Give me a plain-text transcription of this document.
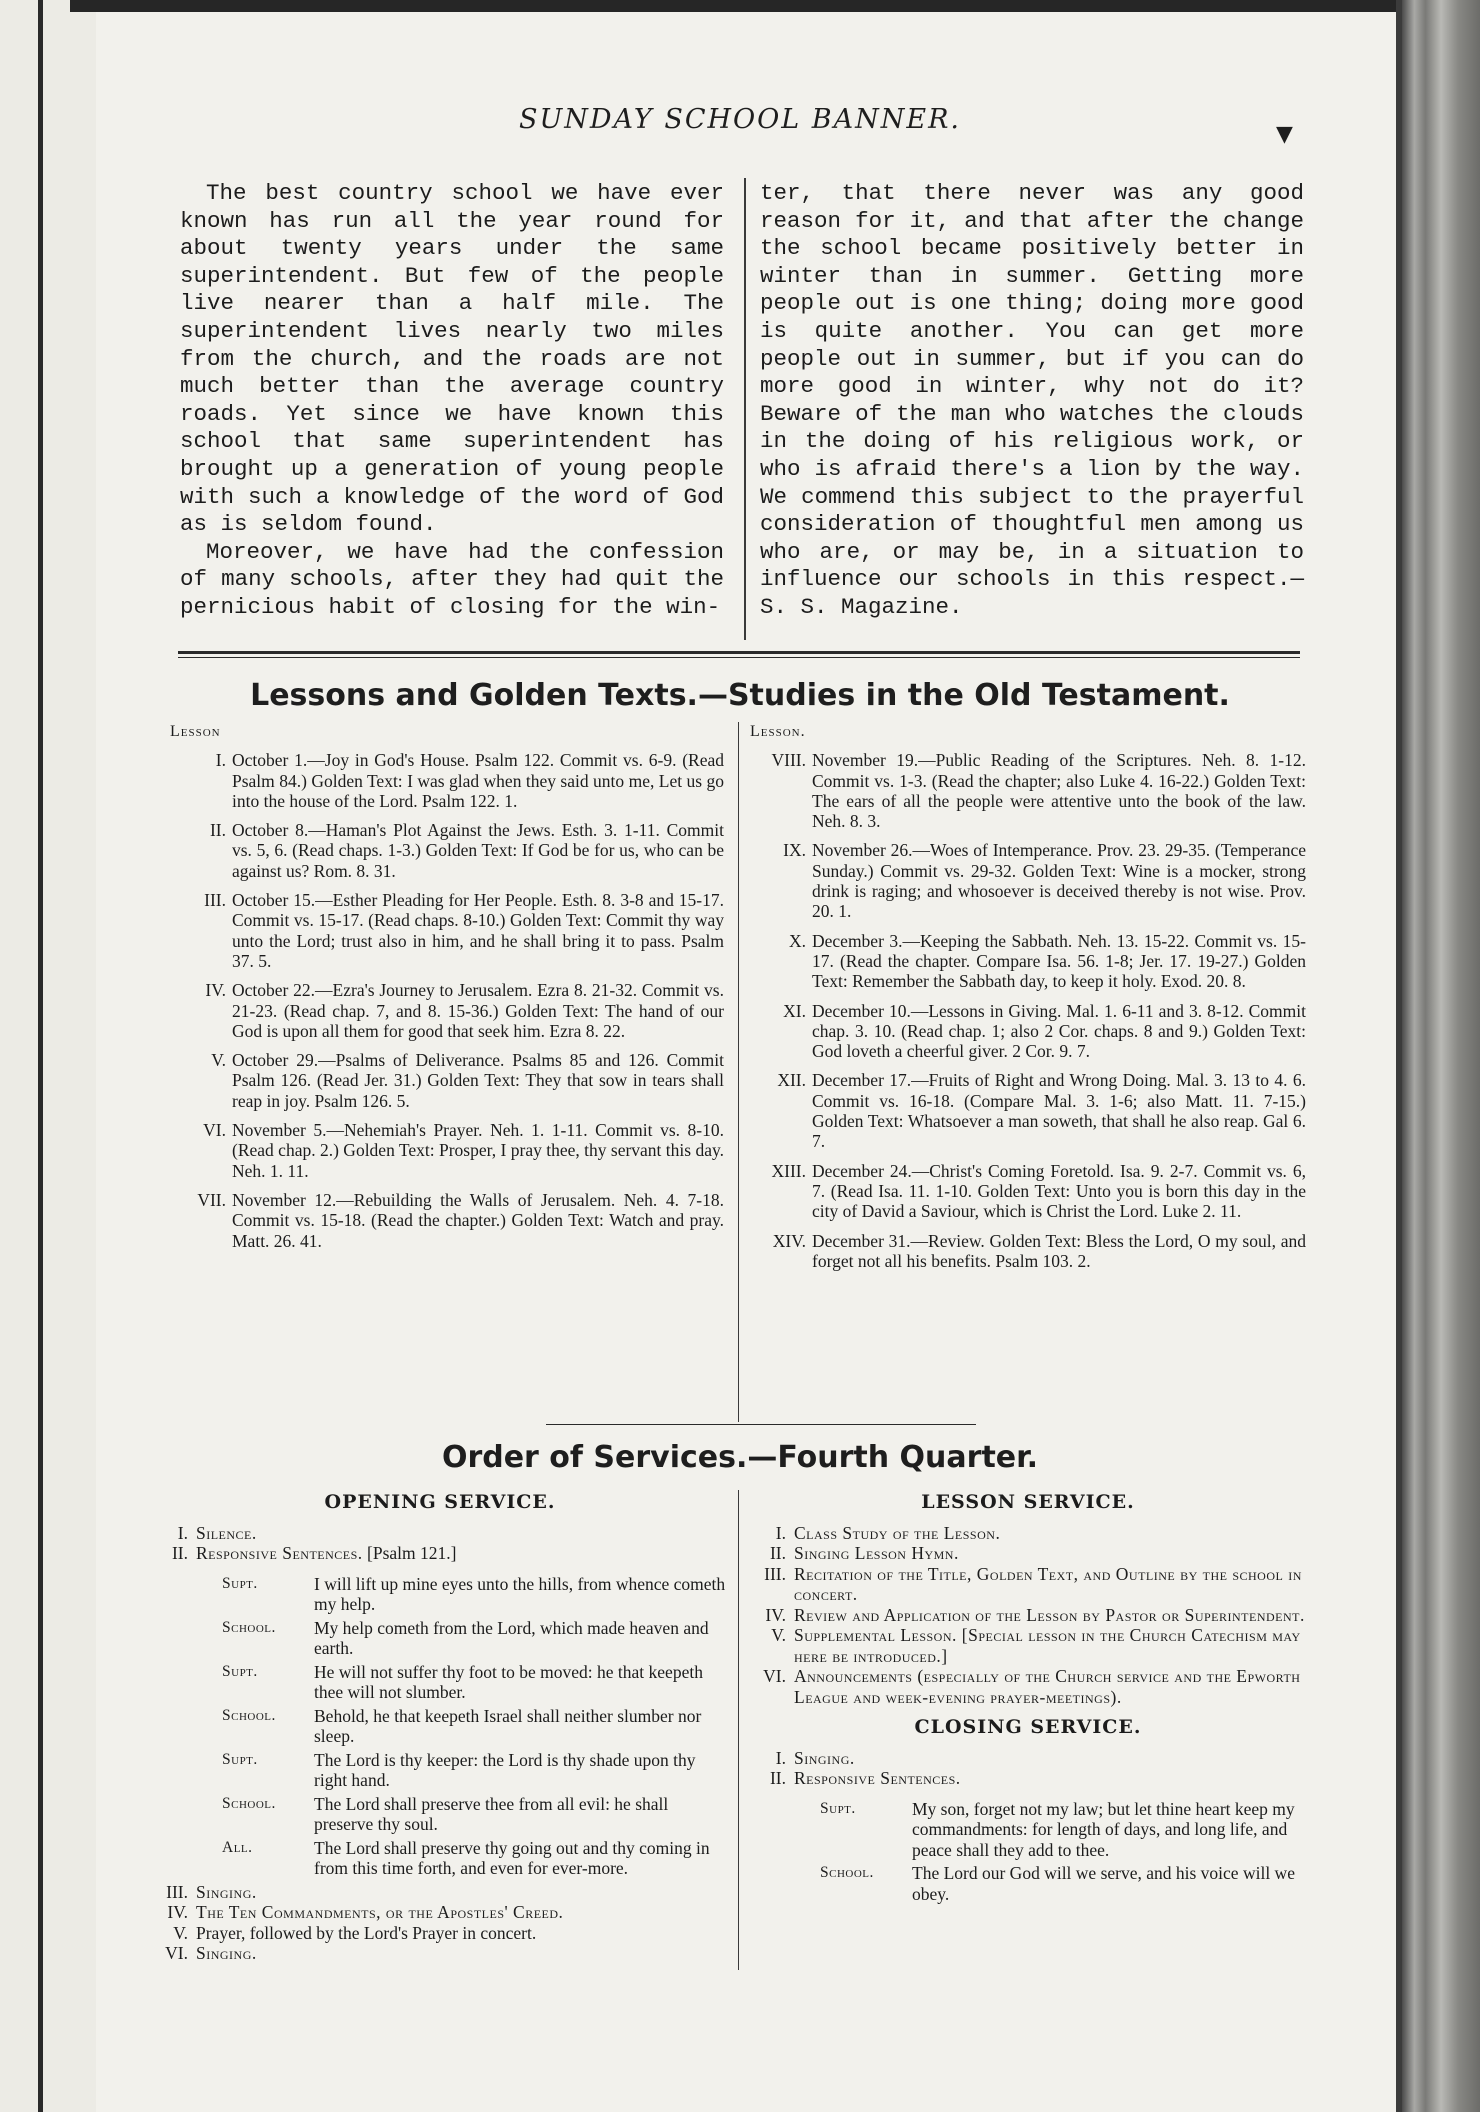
SUNDAY SCHOOL BANNER.	▼

The best country school we have ever known has run all the year round for about twenty years under the same superintendent. But few of the people live nearer than a half mile. The superintendent lives nearly two miles from the church, and the roads are not much better than the average country roads. Yet since we have known this school that same superintendent has brought up a generation of young people with such a knowledge of the word of God as is seldom found.

Moreover, we have had the confession of many schools, after they had quit the pernicious habit of closing for the win-

ter, that there never was any good reason for it, and that after the change the school became positively better in winter than in summer. Getting more people out is one thing; doing more good is quite another. You can get more people out in summer, but if you can do more good in winter, why not do it? Beware of the man who watches the clouds in the doing of his religious work, or who is afraid there's a lion by the way. We commend this subject to the prayerful consideration of thoughtful men among us who are, or may be, in a situation to influence our schools in this respect.—S. S. Magazine.

Lessons and Golden Texts.—Studies in the Old Testament.
Lesson
I. October 1.—Joy in God's House. Psalm 122. Commit vs. 6-9. (Read Psalm 84.) Golden Text: I was glad when they said unto me, Let us go into the house of the Lord. Psalm 122. 1.
II. October 8.—Haman's Plot Against the Jews. Esth. 3. 1-11. Commit vs. 5, 6. (Read chaps. 1-3.) Golden Text: If God be for us, who can be against us? Rom. 8. 31.
III. October 15.—Esther Pleading for Her People. Esth. 8. 3-8 and 15-17. Commit vs. 15-17. (Read chaps. 8-10.) Golden Text: Commit thy way unto the Lord; trust also in him, and he shall bring it to pass. Psalm 37. 5.
IV. October 22.—Ezra's Journey to Jerusalem. Ezra 8. 21-32. Commit vs. 21-23. (Read chap. 7, and 8. 15-36.) Golden Text: The hand of our God is upon all them for good that seek him. Ezra 8. 22.
V. October 29.—Psalms of Deliverance. Psalms 85 and 126. Commit Psalm 126. (Read Jer. 31.) Golden Text: They that sow in tears shall reap in joy. Psalm 126. 5.
VI. November 5.—Nehemiah's Prayer. Neh. 1. 1-11. Commit vs. 8-10. (Read chap. 2.) Golden Text: Prosper, I pray thee, thy servant this day. Neh. 1. 11.
VII. November 12.—Rebuilding the Walls of Jerusalem. Neh. 4. 7-18. Commit vs. 15-18. (Read the chapter.) Golden Text: Watch and pray. Matt. 26. 41.
Lesson.
VIII. November 19.—Public Reading of the Scriptures. Neh. 8. 1-12. Commit vs. 1-3. (Read the chapter; also Luke 4. 16-22.) Golden Text: The ears of all the people were attentive unto the book of the law. Neh. 8. 3.
IX. November 26.—Woes of Intemperance. Prov. 23. 29-35. (Temperance Sunday.) Commit vs. 29-32. Golden Text: Wine is a mocker, strong drink is raging; and whosoever is deceived thereby is not wise. Prov. 20. 1.
X. December 3.—Keeping the Sabbath. Neh. 13. 15-22. Commit vs. 15-17. (Read the chapter. Compare Isa. 56. 1-8; Jer. 17. 19-27.) Golden Text: Remember the Sabbath day, to keep it holy. Exod. 20. 8.
XI. December 10.—Lessons in Giving. Mal. 1. 6-11 and 3. 8-12. Commit chap. 3. 10. (Read chap. 1; also 2 Cor. chaps. 8 and 9.) Golden Text: God loveth a cheerful giver. 2 Cor. 9. 7.
XII. December 17.—Fruits of Right and Wrong Doing. Mal. 3. 13 to 4. 6. Commit vs. 16-18. (Compare Mal. 3. 1-6; also Matt. 11. 7-15.) Golden Text: Whatsoever a man soweth, that shall he also reap. Gal 6. 7.
XIII. December 24.—Christ's Coming Foretold. Isa. 9. 2-7. Commit vs. 6, 7. (Read Isa. 11. 1-10. Golden Text: Unto you is born this day in the city of David a Saviour, which is Christ the Lord. Luke 2. 11.
XIV. December 31.—Review. Golden Text: Bless the Lord, O my soul, and forget not all his benefits. Psalm 103. 2.
Order of Services.—Fourth Quarter.
OPENING SERVICE.
I. Silence.
II. Responsive Sentences. [Psalm 121.]
Supt.	I will lift up mine eyes unto the hills, from whence cometh my help.
School.	My help cometh from the Lord, which made heaven and earth.
Supt.	He will not suffer thy foot to be moved: he that keepeth thee will not slumber.
School.	Behold, he that keepeth Israel shall neither slumber nor sleep.
Supt.	The Lord is thy keeper: the Lord is thy shade upon thy right hand.
School.	The Lord shall preserve thee from all evil: he shall preserve thy soul.
All.	The Lord shall preserve thy going out and thy coming in from this time forth, and even for ever-more.
III. Singing.
IV. The Ten Commandments, or the Apostles' Creed.
V. Prayer, followed by the Lord's Prayer in concert.
VI. Singing.
LESSON SERVICE.
I. Class Study of the Lesson.
II. Singing Lesson Hymn.
III. Recitation of the Title, Golden Text, and Outline by the school in concert.
IV. Review and Application of the Lesson by Pastor or Superintendent.
V. Supplemental Lesson. [Special lesson in the Church Catechism may here be introduced.]
VI. Announcements (especially of the Church service and the Epworth League and week-evening prayer-meetings).
CLOSING SERVICE.
I. Singing.
II. Responsive Sentences.
Supt.	My son, forget not my law; but let thine heart keep my commandments: for length of days, and long life, and peace shall they add to thee.
School.	The Lord our God will we serve, and his voice will we obey.
